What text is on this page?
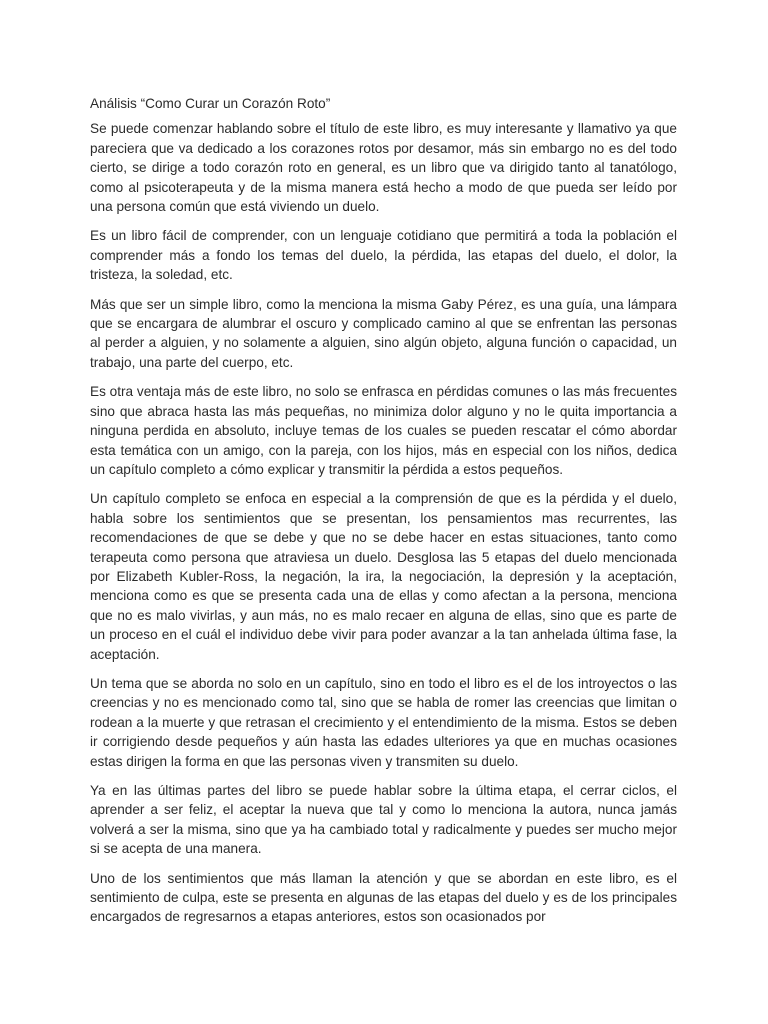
Análisis “Como Curar un Corazón Roto”

Se puede comenzar hablando sobre el título de este libro, es muy interesante y llamativo ya que pareciera que va dedicado a los corazones rotos por desamor, más sin embargo no es del todo cierto, se dirige a todo corazón roto en general, es un libro que va dirigido tanto al tanatólogo, como al psicoterapeuta y de la misma manera está hecho a modo de que pueda ser leído por una persona común que está viviendo un duelo.

Es un libro fácil de comprender, con un lenguaje cotidiano que permitirá a toda la población el comprender más a fondo los temas del duelo, la pérdida, las etapas del duelo, el dolor, la tristeza, la soledad, etc.

Más que ser un simple libro, como la menciona la misma Gaby Pérez, es una guía, una lámpara que se encargara de alumbrar el oscuro y complicado camino al que se enfrentan las personas al perder a alguien, y no solamente a alguien, sino algún objeto, alguna función o capacidad, un trabajo, una parte del cuerpo, etc.

Es otra ventaja más de este libro, no solo se enfrasca en pérdidas comunes o las más frecuentes sino que abraca hasta las más pequeñas, no minimiza dolor alguno y no le quita importancia a ninguna perdida en absoluto, incluye temas de los cuales se pueden rescatar el cómo abordar esta temática con un amigo, con la pareja, con los hijos, más en especial con los niños, dedica un capítulo completo a cómo explicar y transmitir la pérdida a estos pequeños.

Un capítulo completo se enfoca en especial a la comprensión de que es la pérdida y el duelo, habla sobre los sentimientos que se presentan, los pensamientos mas recurrentes, las recomendaciones de que se debe y que no se debe hacer en estas situaciones, tanto como terapeuta como persona que atraviesa un duelo. Desglosa las 5 etapas del duelo mencionada por Elizabeth Kubler-Ross, la negación, la ira, la negociación, la depresión y la aceptación, menciona como es que se presenta cada una de ellas y como afectan a la persona, menciona que no es malo vivirlas, y aun más, no es malo recaer en alguna de ellas, sino que es parte de un proceso en el cuál el individuo debe vivir para poder avanzar a la tan anhelada última fase, la aceptación.

Un tema que se aborda no solo en un capítulo, sino en todo el libro es el de los introyectos o las creencias y no es mencionado como tal, sino que se habla de romer las creencias que limitan o rodean a la muerte y que retrasan el crecimiento y el entendimiento de la misma. Estos se deben ir corrigiendo desde pequeños y aún hasta las edades ulteriores ya que en muchas ocasiones estas dirigen la forma en que las personas viven y transmiten su duelo.

Ya en las últimas partes del libro se puede hablar sobre la última etapa, el cerrar ciclos, el aprender a ser feliz, el aceptar la nueva que tal y como lo menciona la autora, nunca jamás volverá a ser la misma, sino que ya ha cambiado total y radicalmente y puedes ser mucho mejor si se acepta de una manera.

Uno de los sentimientos que más llaman la atención y que se abordan en este libro, es el sentimiento de culpa, este se presenta en algunas de las etapas del duelo y es de los principales encargados de regresarnos a etapas anteriores, estos son ocasionados por
